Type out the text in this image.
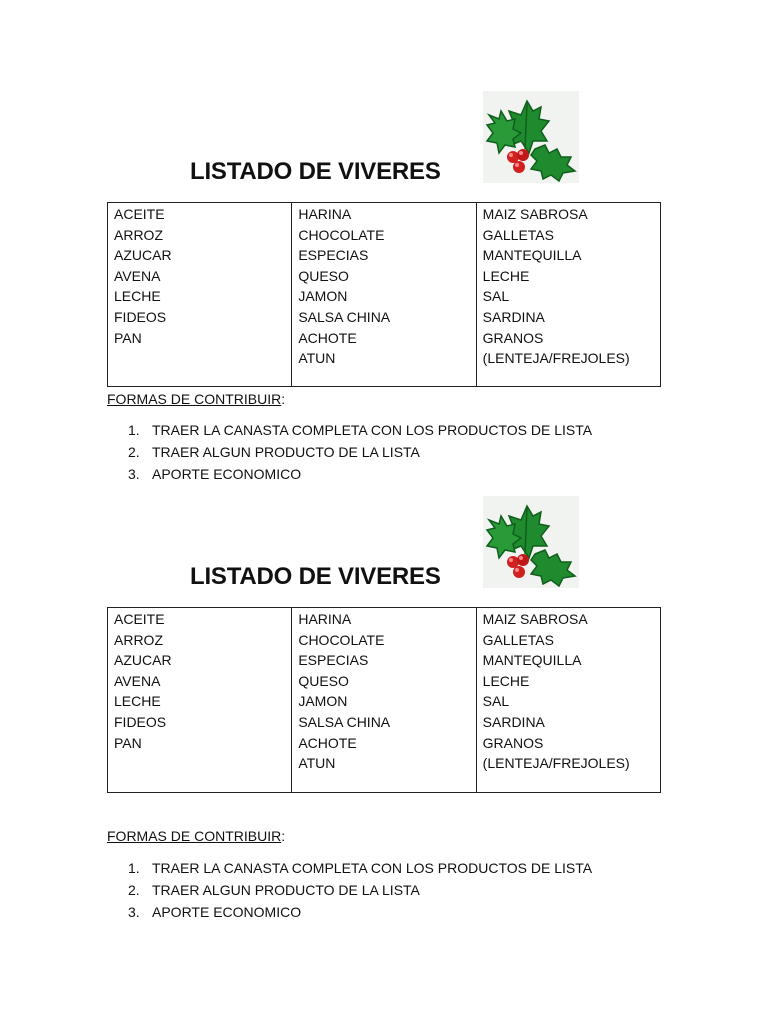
LISTADO DE VIVERES
ACEITE
ARROZ
AZUCAR
AVENA
LECHE
FIDEOS
PAN

HARINA
CHOCOLATE
ESPECIAS
QUESO
JAMON
SALSA CHINA
ACHOTE
ATUN

MAIZ SABROSA
GALLETAS
MANTEQUILLA
LECHE
SAL
SARDINA
GRANOS
(LENTEJA/FREJOLES)
FORMAS DE CONTRIBUIR:
1. TRAER LA CANASTA COMPLETA CON LOS PRODUCTOS DE LISTA
2. TRAER ALGUN PRODUCTO DE LA LISTA
3. APORTE ECONOMICO
LISTADO DE VIVERES
ACEITE
ARROZ
AZUCAR
AVENA
LECHE
FIDEOS
PAN

HARINA
CHOCOLATE
ESPECIAS
QUESO
JAMON
SALSA CHINA
ACHOTE
ATUN

MAIZ SABROSA
GALLETAS
MANTEQUILLA
LECHE
SAL
SARDINA
GRANOS
(LENTEJA/FREJOLES)
FORMAS DE CONTRIBUIR:
1. TRAER LA CANASTA COMPLETA CON LOS PRODUCTOS DE LISTA
2. TRAER ALGUN PRODUCTO DE LA LISTA
3. APORTE ECONOMICO
